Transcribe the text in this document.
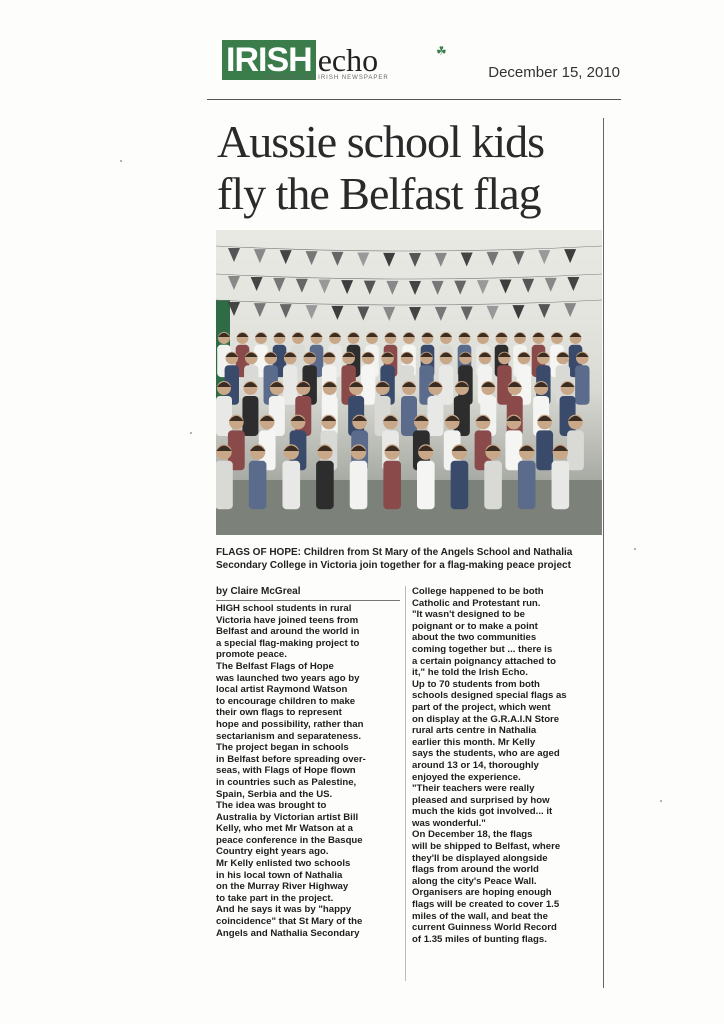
IRISH echo	☘
AUSTRALIA'S IRISH NEWSPAPER	December 15, 2010
Aussie school kids
fly the Belfast flag

FLAGS OF HOPE: Children from St Mary of the Angels School and Nathalia Secondary College in Victoria join together for a flag-making peace project

by Claire McGreal

HIGH school students in rural

Victoria have joined teens from

Belfast and around the world in

a special flag-making project to

promote peace.

The Belfast Flags of Hope

was launched two years ago by

local artist Raymond Watson

to encourage children to make

their own flags to represent

hope and possibility, rather than

sectarianism and separateness.

The project began in schools

in Belfast before spreading over-

seas, with Flags of Hope flown

in countries such as Palestine,

Spain, Serbia and the US.

The idea was brought to

Australia by Victorian artist Bill

Kelly, who met Mr Watson at a

peace conference in the Basque

Country eight years ago.

Mr Kelly enlisted two schools

in his local town of Nathalia

on the Murray River Highway

to take part in the project.

And he says it was by "happy

coincidence" that St Mary of the

Angels and Nathalia Secondary

College happened to be both

Catholic and Protestant run.

"It wasn't designed to be

poignant or to make a point

about the two communities

coming together but ... there is

a certain poignancy attached to

it," he told the Irish Echo.

Up to 70 students from both

schools designed special flags as

part of the project, which went

on display at the G.R.A.I.N Store

rural arts centre in Nathalia

earlier this month. Mr Kelly

says the students, who are aged

around 13 or 14, thoroughly

enjoyed the experience.

"Their teachers were really

pleased and surprised by how

much the kids got involved... it

was wonderful."

On December 18, the flags

will be shipped to Belfast, where

they'll be displayed alongside

flags from around the world

along the city's Peace Wall.

Organisers are hoping enough

flags will be created to cover 1.5

miles of the wall, and beat the

current Guinness World Record

of 1.35 miles of bunting flags.
